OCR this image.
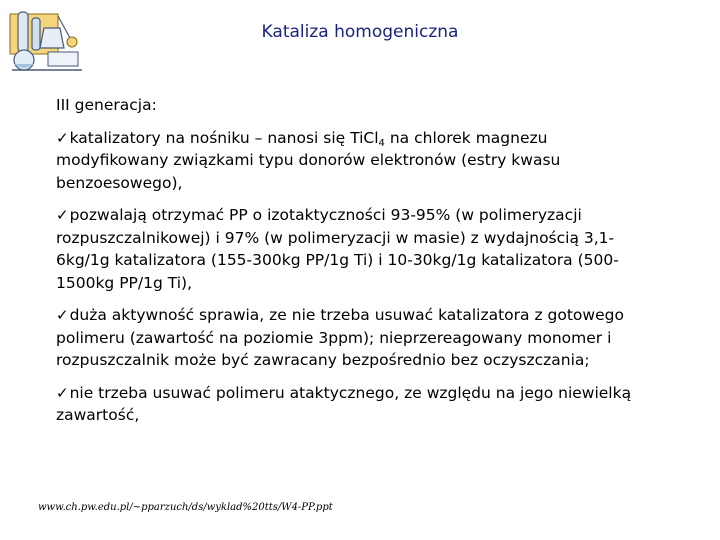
Kataliza homogeniczna
III generacja:
✓katalizatory na nośniku – nanosi się TiCl$_4$ na chlorek magnezu modyfikowany związkami typu donorów elektronów (estry kwasu benzoesowego),
✓pozwalają otrzymać PP o izotaktyczności 93-95% (w polimeryzacji rozpuszczalnikowej) i 97% (w polimeryzacji w masie) z wydajnością 3,1-6kg/1g katalizatora (155-300kg PP/1g Ti) i 10-30kg/1g katalizatora (500-1500kg PP/1g Ti),
✓duża aktywność sprawia, ze nie trzeba usuwać katalizatora z gotowego polimeru (zawartość na poziomie 3ppm); nieprzereagowany monomer i rozpuszczalnik może być zawracany bezpośrednio bez oczyszczania;
✓nie trzeba usuwać polimeru ataktycznego, ze względu na jego niewielką zawartość,
www.ch.pw.edu.pl/~pparzuch/ds/wyklad%20tts/W4-PP.ppt
